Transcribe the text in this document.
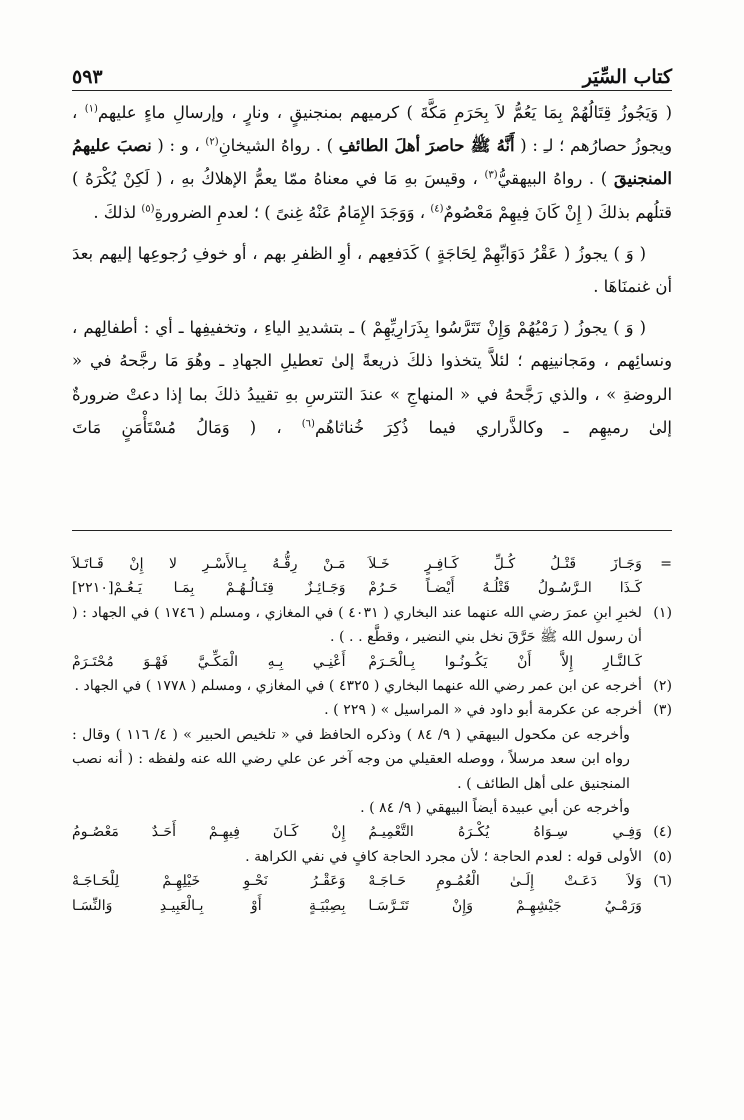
كتاب السِّيَر
٥٩٣

( وَيَجُوزُ قِتَالُهُمْ بِمَا يَعُمُّ لاَ بِحَرَمِ مَكَّةَ ) كرميهم بمنجنيقٍ ، ونارٍ ، وإرسالِ ماءٍ عليهم$^{(١)}$ ، ويجوزُ حصارُهم ؛ لـِ : ( أَنَّهُ ﷺ حاصرَ أهلَ الطائفِ ) . رواهُ الشيخانِ$^{(٢)}$ ، و : ( نصبَ عليهمُ المنجنيقَ ) . رواهُ البيهقيُّ$^{(٣)}$ ، وقيسَ بهِ مَا في معناهُ ممّا يعمُّ الإهلاكُ بهِ ، ( لَكِنْ يُكْرَهُ ) قتلُهم بذلكَ ( إِنْ كَانَ فِيهِمْ مَعْصُومٌ$^{(٤)}$ ، وَوَجَدَ الإِمَامُ عَنْهُ غِنىً ) ؛ لعدمِ الضرورةِ$^{(٥)}$ لذلكَ .

( وَ ) يجوزُ ( عَقْرُ دَوَابِّهِمْ لِحَاجَةٍ ) كَدَفعِهم ، أوِ الظفرِ بهم ، أو خوفِ رُجوعِها إليهم بعدَ أن غنمنَاهَا .

( وَ ) يجوزُ ( رَمْيُهُمْ وَإِنْ تَتَرَّسُوا بِذَرَارِيِّهِمْ ) ـ بتشديدِ الياءِ ، وتخفيفِها ـ أي : أطفالِهم ، ونسائِهم ، ومَجانينِهم ؛ لئلاَّ يتخذوا ذلكَ ذريعةً إلىٰ تعطيلِ الجهادِ ـ وهُوَ مَا رجَّحهُ في « الروضةِ » ، والذي رَجَّحهُ في « المنهاجِ » عندَ التترسِ بهِ تقييدُ ذلكَ بما إذا دعتْ ضرورةٌ إلىٰ رميهِم ـ وكالذَّراري فيما ذُكِرَ خُناثاهُم$^{(٦)}$ ، ( وَمَالُ مُسْتَأْمَنٍ مَاتَ

=
وَجَـازَ قَتْـلُ كُـلِّ كَـافِـرٍ خَـلاَ
مَـنْ رِقُّـهُ بِـالأَسْـرِ لا إِنْ قَـاتَـلاَ
كَـذَا الـرَّسُـولُ قَتْلُـهُ أَيْضـاً حَـرُمْ
وَجَـائِـزٌ قِتَـالُـهُـمْ بِمَـا يَـعُـمْ[٢٢١٠]
(١)

لخبرِ ابنِ عمرَ رضي الله عنهما عند البخاري ( ٤٠٣١ ) في المغازي ، ومسلم ( ١٧٤٦ ) في الجهاد : ( أن رسول الله ﷺ حَرَّقَ نخل بني النضير ، وقطَّع . . ) .

كَـالنَّـارِ إِلاَّ أَنْ يَكُـونُـوا بِـالْحَـرَمْ
أَعْنِـي بِـهِ الْمَكِّـيَّ فَهْـوَ مُحْتَـرَمْ
(٢)

أخرجه عن ابن عمر رضي الله عنهما البخاري ( ٤٣٢٥ ) في المغازي ، ومسلم ( ١٧٧٨ ) في الجهاد .

(٣)

أخرجه عن عكرمة أبو داود في « المراسيل » ( ٢٢٩ ) .

وأخرجه عن مكحول البيهقي ( ٩/ ٨٤ ) وذكره الحافظ في « تلخيص الحبير » ( ٤/ ١١٦ ) وقال : رواه ابن سعد مرسلاً ، ووصله العقيلي من وجه آخر عن علي رضي الله عنه ولفظه : ( أنه نصب المنجنيق على أهل الطائف ) .

وأخرجه عن أبي عبيدة أيضاً البيهقي ( ٩/ ٨٤ ) .

(٤)
وَفِـي سِـوَاهُ يُكْـرَهُ التَّعْمِيـمُ
إِنْ كَـانَ فِيهِـمْ أَحَـدٌ مَعْصُـومُ
(٥)

الأولى قوله : لعدم الحاجة ؛ لأن مجرد الحاجة كافٍ في نفي الكراهة .

(٦)
وَلاَ دَعَـتْ إِلَـىٰ الْعُمُـومِ حَـاجَـهْ
وَعَقْـرُ نَحْـوِ خَيْلِهِـمْ لِلْحَـاجَـهْ
وَرَمْـيُ جَيْشِهِـمْ وَإِنْ تَتَـرَّسَـا
بِصِبْيَـةٍ أَوْ بِـالْعَبِيـدِ وَالنِّسَـا
